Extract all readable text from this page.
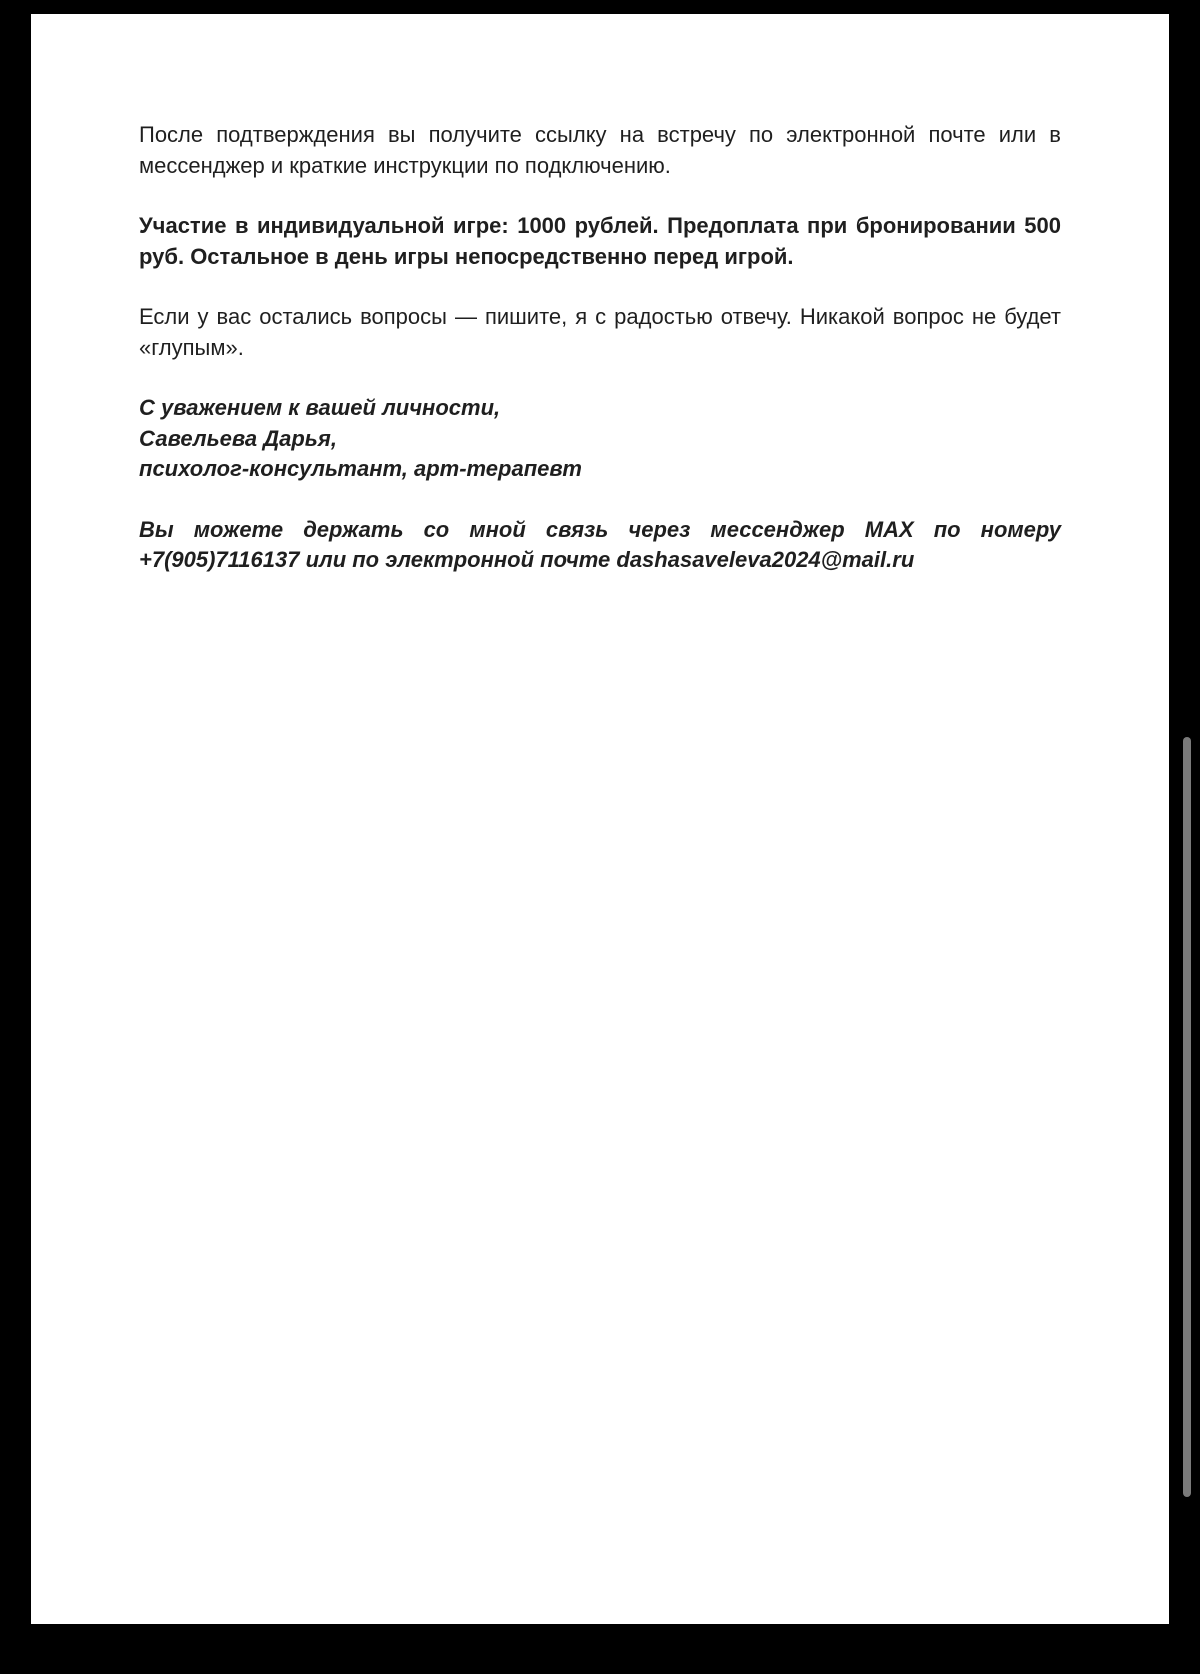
После подтверждения вы получите ссылку на встречу по электронной почте или в мессенджер и краткие инструкции по подключению.

Участие в индивидуальной игре: 1000 рублей. Предоплата при бронировании 500 руб. Остальное в день игры непосредственно перед игрой.

Если у вас остались вопросы — пишите, я с радостью отвечу. Никакой вопрос не будет «глупым».

С уважением к вашей личности,
Савельева Дарья,
психолог-консультант, арт-терапевт

Вы можете держать со мной связь через мессенджер MAX по номеру +7(905)7116137 или по электронной почте dashasaveleva2024@mail.ru
